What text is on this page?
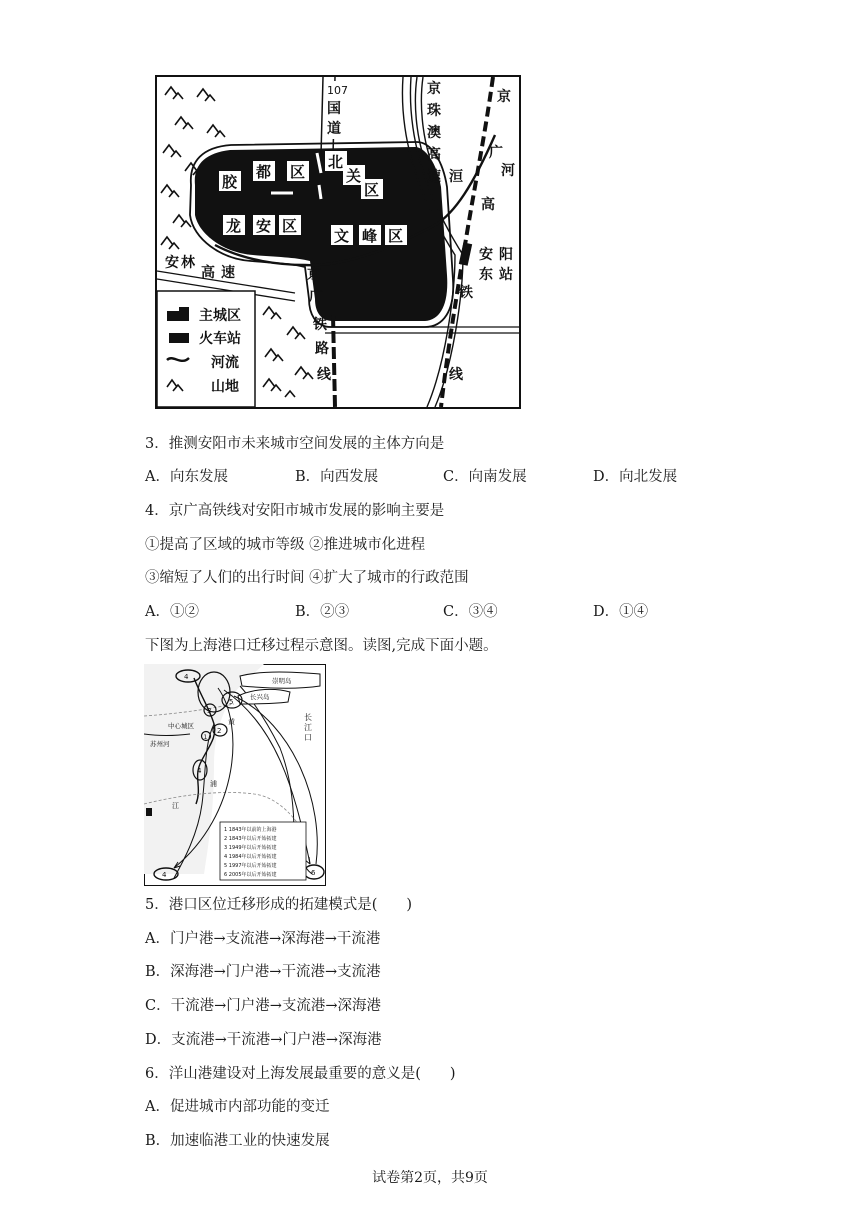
107
国
道
京
珠
澳
高
速
京
广
河
洹
高
安 阳
东 站
铁
线
胶
都 区
北
关
区
龙 安 区
文 峰 区
安 林
高 速	京
广
铁
路
线
主城区
火车站
河流
山地
3．推测安阳市未来城市空间发展的主体方向是
A．向东发展	B．向西发展	C．向南发展	D．向北发展
4．京广高铁线对安阳市城市发展的影响主要是
①提高了区域的城市等级 ②推进城市化进程
③缩短了人们的出行时间 ④扩大了城市的行政范围
A．①②	B．②③	C．③④	D．①④
下图为上海港口迁移过程示意图。读图,完成下面小题。
崇明岛
长兴岛
长
江
口
苏州河
中心城区
4
5
3
黄
2
1
4
浦
江
4	6
1 1843年以前的上海港
2 1843年以后开始拓建
3 1949年以后开始拓建
4 1984年以后开始拓建
5 1997年以后开始拓建
6 2005年以后开始拓建
5．港口区位迁移形成的拓建模式是(　　)
A．门户港→支流港→深海港→干流港
B．深海港→门户港→干流港→支流港
C．干流港→门户港→支流港→深海港
D．支流港→干流港→门户港→深海港
6．洋山港建设对上海发展最重要的意义是(　　)
A．促进城市内部功能的变迁
B．加速临港工业的快速发展
试卷第2页，共9页
